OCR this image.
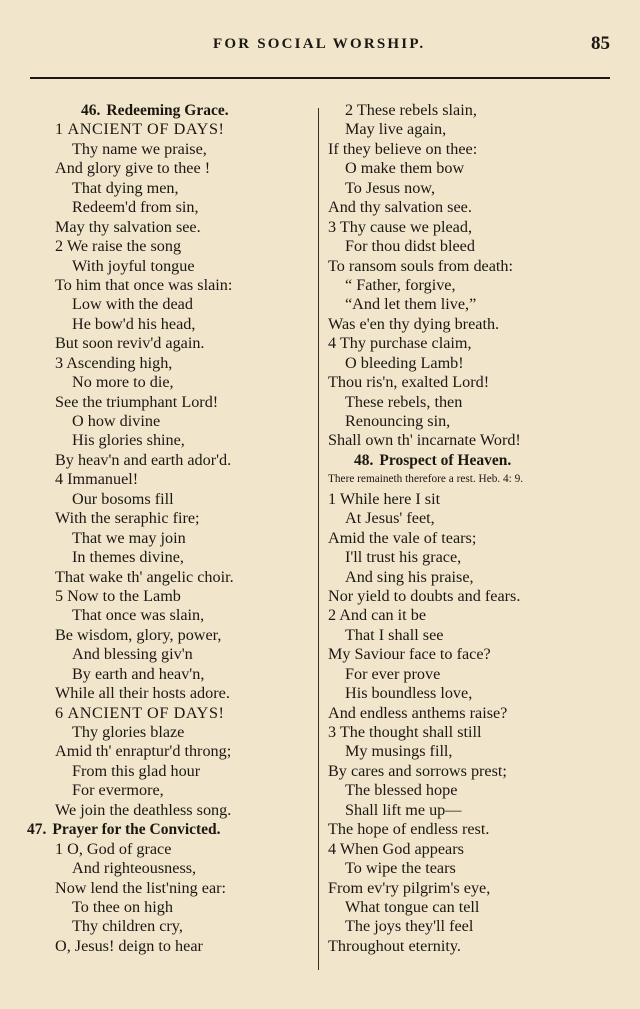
FOR SOCIAL WORSHIP.	85
46. Redeeming Grace.
1 ANCIENT OF DAYS!
Thy name we praise,
And glory give to thee !
That dying men,
Redeem'd from sin,
May thy salvation see.
2 We raise the song
With joyful tongue
To him that once was slain:
Low with the dead
He bow'd his head,
But soon reviv'd again.
3 Ascending high,
No more to die,
See the triumphant Lord!
O how divine
His glories shine,
By heav'n and earth ador'd.
4 Immanuel!
Our bosoms fill
With the seraphic fire;
That we may join
In themes divine,
That wake th' angelic choir.
5 Now to the Lamb
That once was slain,
Be wisdom, glory, power,
And blessing giv'n
By earth and heav'n,
While all their hosts adore.
6 ANCIENT OF DAYS!
Thy glories blaze
Amid th' enraptur'd throng;
From this glad hour
For evermore,
We join the deathless song.
47. Prayer for the Convicted.
1 O, God of grace
And righteousness,
Now lend the list'ning ear:
To thee on high
Thy children cry,
O, Jesus! deign to hear
2 These rebels slain,
May live again,
If they believe on thee:
O make them bow
To Jesus now,
And thy salvation see.
3 Thy cause we plead,
For thou didst bleed
To ransom souls from death:
“ Father, forgive,
“And let them live,”
Was e'en thy dying breath.
4 Thy purchase claim,
O bleeding Lamb!
Thou ris'n, exalted Lord!
These rebels, then
Renouncing sin,
Shall own th' incarnate Word!
48. Prospect of Heaven.
There remaineth therefore a rest. Heb. 4: 9.
1 While here I sit
At Jesus' feet,
Amid the vale of tears;
I'll trust his grace,
And sing his praise,
Nor yield to doubts and fears.
2 And can it be
That I shall see
My Saviour face to face?
For ever prove
His boundless love,
And endless anthems raise?
3 The thought shall still
My musings fill,
By cares and sorrows prest;
The blessed hope
Shall lift me up—
The hope of endless rest.
4 When God appears
To wipe the tears
From ev'ry pilgrim's eye,
What tongue can tell
The joys they'll feel
Throughout eternity.
